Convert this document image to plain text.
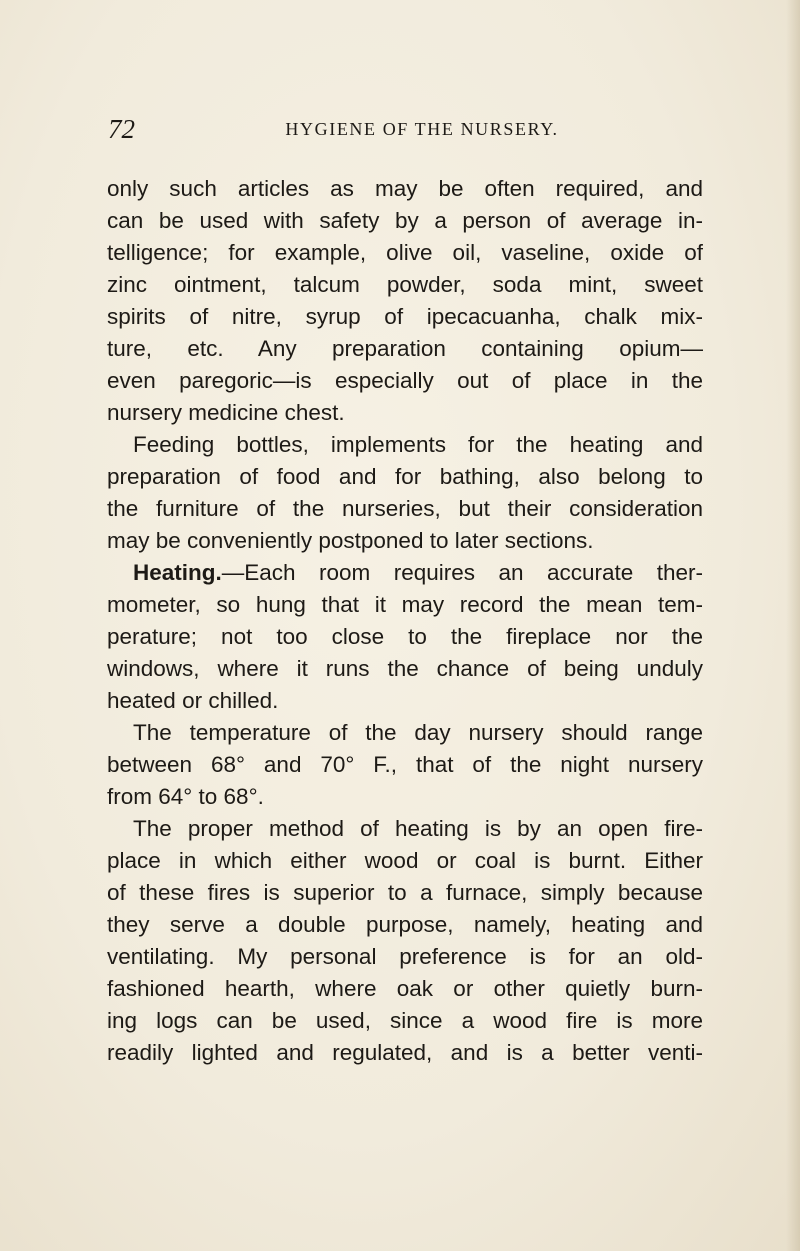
72	HYGIENE OF THE NURSERY.
only such articles as may be often required, and
can be used with safety by a person of average in-
telligence; for example, olive oil, vaseline, oxide of
zinc ointment, talcum powder, soda mint, sweet
spirits of nitre, syrup of ipecacuanha, chalk mix-
ture, etc. Any preparation containing opium—
even paregoric—is especially out of place in the
nursery medicine chest.
Feeding bottles, implements for the heating and
preparation of food and for bathing, also belong to
the furniture of the nurseries, but their consideration
may be conveniently postponed to later sections.
Heating.—Each room requires an accurate ther-
mometer, so hung that it may record the mean tem-
perature; not too close to the fireplace nor the
windows, where it runs the chance of being unduly
heated or chilled.
The temperature of the day nursery should range
between 68° and 70° F., that of the night nursery
from 64° to 68°.
The proper method of heating is by an open fire-
place in which either wood or coal is burnt. Either
of these fires is superior to a furnace, simply because
they serve a double purpose, namely, heating and
ventilating. My personal preference is for an old-
fashioned hearth, where oak or other quietly burn-
ing logs can be used, since a wood fire is more
readily lighted and regulated, and is a better venti-
